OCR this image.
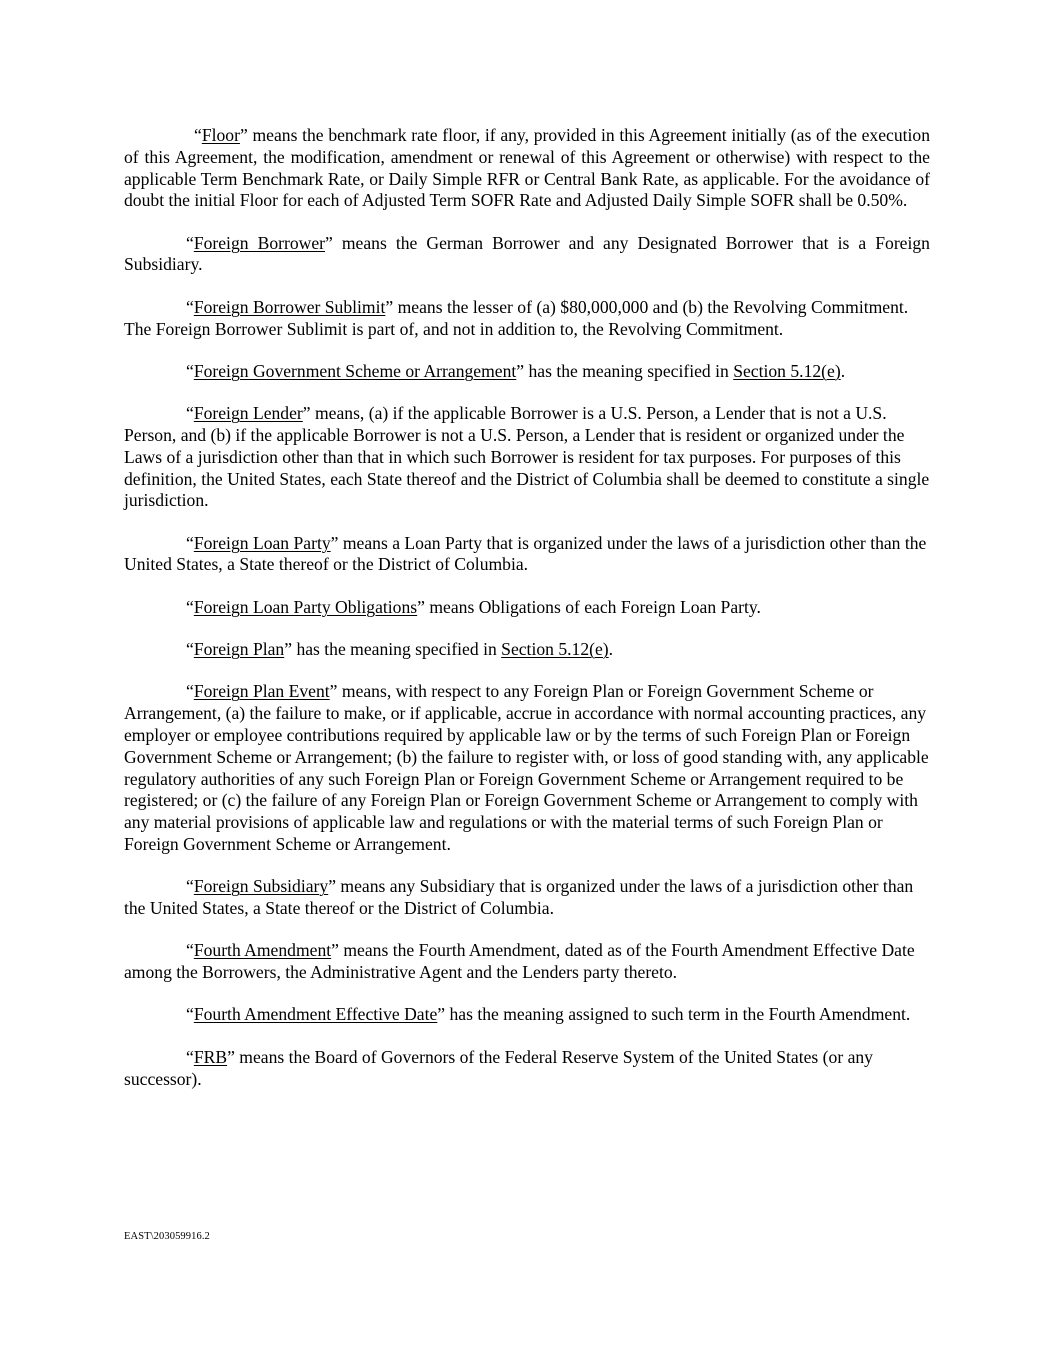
“Floor” means the benchmark rate floor, if any, provided in this Agreement initially (as of the execution of this Agreement, the modification, amendment or renewal of this Agreement or otherwise) with respect to the applicable Term Benchmark Rate, or Daily Simple RFR or Central Bank Rate, as applicable. For the avoidance of doubt the initial Floor for each of Adjusted Term SOFR Rate and Adjusted Daily Simple SOFR shall be 0.50%.

“Foreign Borrower” means the German Borrower and any Designated Borrower that is a Foreign Subsidiary.

“Foreign Borrower Sublimit” means the lesser of (a) $80,000,000 and (b) the Revolving Commitment. The Foreign Borrower Sublimit is part of, and not in addition to, the Revolving Commitment.

“Foreign Government Scheme or Arrangement” has the meaning specified in Section 5.12(e).

“Foreign Lender” means, (a) if the applicable Borrower is a U.S. Person, a Lender that is not a U.S. Person, and (b) if the applicable Borrower is not a U.S. Person, a Lender that is resident or organized under the Laws of a jurisdiction other than that in which such Borrower is resident for tax purposes. For purposes of this definition, the United States, each State thereof and the District of Columbia shall be deemed to constitute a single jurisdiction.

“Foreign Loan Party” means a Loan Party that is organized under the laws of a jurisdiction other than the United States, a State thereof or the District of Columbia.

“Foreign Loan Party Obligations” means Obligations of each Foreign Loan Party.

“Foreign Plan” has the meaning specified in Section 5.12(e).

“Foreign Plan Event” means, with respect to any Foreign Plan or Foreign Government Scheme or Arrangement, (a) the failure to make, or if applicable, accrue in accordance with normal accounting practices, any employer or employee contributions required by applicable law or by the terms of such Foreign Plan or Foreign Government Scheme or Arrangement; (b) the failure to register with, or loss of good standing with, any applicable regulatory authorities of any such Foreign Plan or Foreign Government Scheme or Arrangement required to be registered; or (c) the failure of any Foreign Plan or Foreign Government Scheme or Arrangement to comply with any material provisions of applicable law and regulations or with the material terms of such Foreign Plan or Foreign Government Scheme or Arrangement.

“Foreign Subsidiary” means any Subsidiary that is organized under the laws of a jurisdiction other than the United States, a State thereof or the District of Columbia.

“Fourth Amendment” means the Fourth Amendment, dated as of the Fourth Amendment Effective Date among the Borrowers, the Administrative Agent and the Lenders party thereto.

“Fourth Amendment Effective Date” has the meaning assigned to such term in the Fourth Amendment.

“FRB” means the Board of Governors of the Federal Reserve System of the United States (or any successor).

EAST\203059916.2
